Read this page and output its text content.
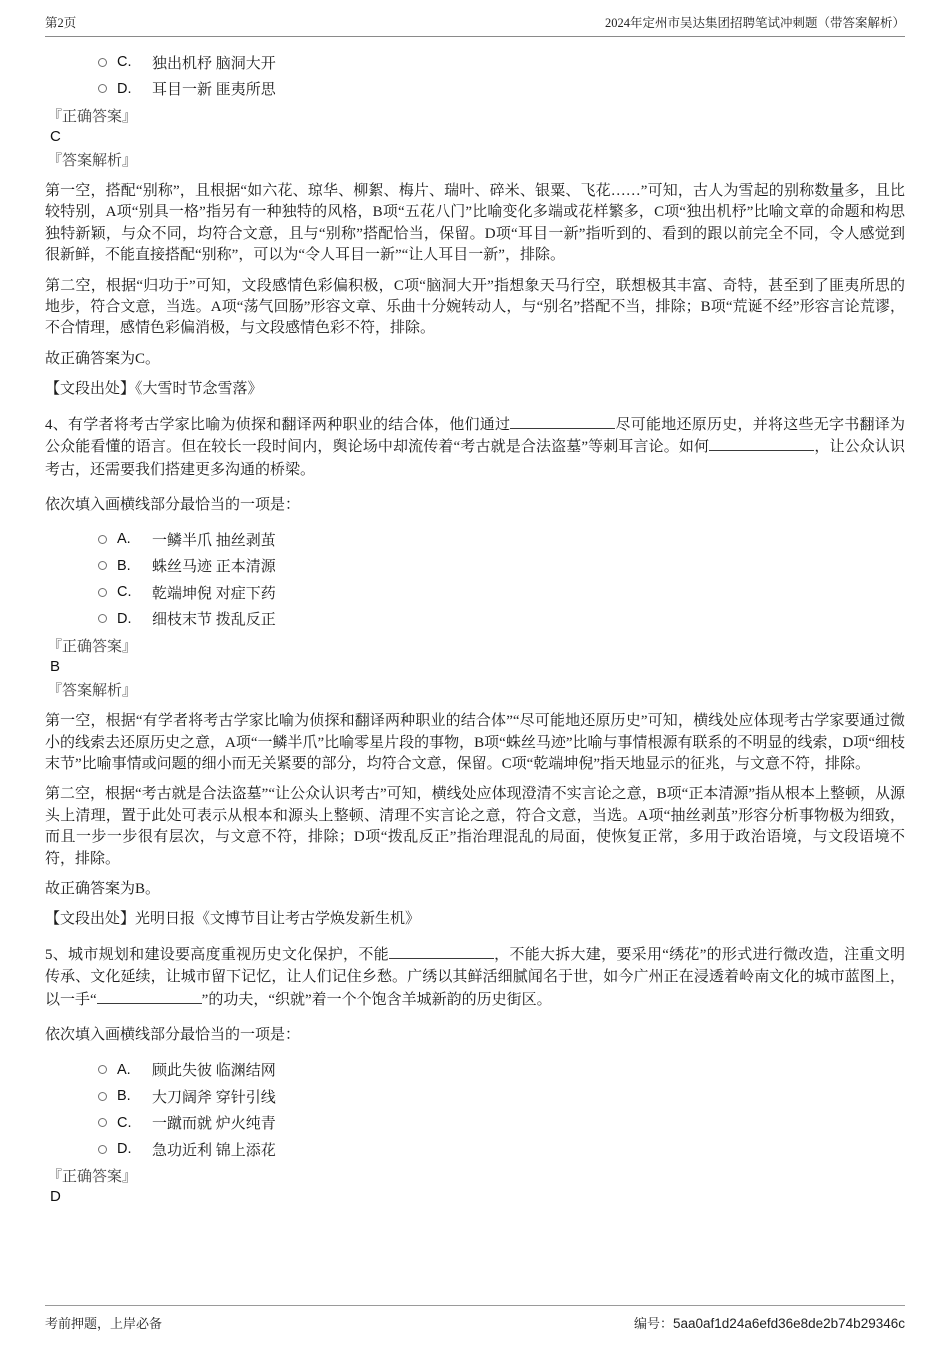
第2页	2024年定州市吴达集团招聘笔试冲刺题（带答案解析）
C.	独出机杼 脑洞大开
D.	耳目一新 匪夷所思
『正确答案』
C
『答案解析』

第一空，搭配“别称”，且根据“如六花、琼华、柳絮、梅片、瑞叶、碎米、银粟、飞花……”可知，古人为雪起的别称数量多，且比较特别，A项“别具一格”指另有一种独特的风格，B项“五花八门”比喻变化多端或花样繁多，C项“独出机杼”比喻文章的命题和构思独特新颖，与众不同，均符合文意，且与“别称”搭配恰当，保留。D项“耳目一新”指听到的、看到的跟以前完全不同，令人感觉到很新鲜，不能直接搭配“别称”，可以为“令人耳目一新”“让人耳目一新”，排除。

第二空，根据“归功于”可知，文段感情色彩偏积极，C项“脑洞大开”指想象天马行空，联想极其丰富、奇特，甚至到了匪夷所思的地步，符合文意，当选。A项“荡气回肠”形容文章、乐曲十分婉转动人，与“别名”搭配不当，排除；B项“荒诞不经”形容言论荒谬，不合情理，感情色彩偏消极，与文段感情色彩不符，排除。

故正确答案为C。

【文段出处】《大雪时节念雪落》

4、有学者将考古学家比喻为侦探和翻译两种职业的结合体，他们通过	尽可能地还原历史，并将这些无字书翻译为公众能看懂的语言。但在较长一段时间内，舆论场中却流传着“考古就是合法盗墓”等刺耳言论。如何	，让公众认识考古，还需要我们搭建更多沟通的桥梁。

依次填入画横线部分最恰当的一项是：

A.	一鳞半爪 抽丝剥茧
B.	蛛丝马迹 正本清源
C.	乾端坤倪 对症下药
D.	细枝末节 拨乱反正
『正确答案』
B
『答案解析』

第一空，根据“有学者将考古学家比喻为侦探和翻译两种职业的结合体”“尽可能地还原历史”可知，横线处应体现考古学家要通过微小的线索去还原历史之意，A项“一鳞半爪”比喻零星片段的事物，B项“蛛丝马迹”比喻与事情根源有联系的不明显的线索，D项“细枝末节”比喻事情或问题的细小而无关紧要的部分，均符合文意，保留。C项“乾端坤倪”指天地显示的征兆，与文意不符，排除。

第二空，根据“考古就是合法盗墓”“让公众认识考古”可知，横线处应体现澄清不实言论之意，B项“正本清源”指从根本上整顿，从源头上清理，置于此处可表示从根本和源头上整顿、清理不实言论之意，符合文意，当选。A项“抽丝剥茧”形容分析事物极为细致，而且一步一步很有层次，与文意不符，排除；D项“拨乱反正”指治理混乱的局面，使恢复正常，多用于政治语境，与文段语境不符，排除。

故正确答案为B。

【文段出处】光明日报《文博节目让考古学焕发新生机》

5、城市规划和建设要高度重视历史文化保护，不能	，不能大拆大建，要采用“绣花”的形式进行微改造，注重文明传承、文化延续，让城市留下记忆，让人们记住乡愁。广绣以其鲜活细腻闻名于世，如今广州正在浸透着岭南文化的城市蓝图上，以一手“	”的功夫，“织就”着一个个饱含羊城新韵的历史街区。

依次填入画横线部分最恰当的一项是：

A.	顾此失彼 临渊结网
B.	大刀阔斧 穿针引线
C.	一蹴而就 炉火纯青
D.	急功近利 锦上添花
『正确答案』
D
考前押题，上岸必备	编号：5aa0af1d24a6efd36e8de2b74b29346c
